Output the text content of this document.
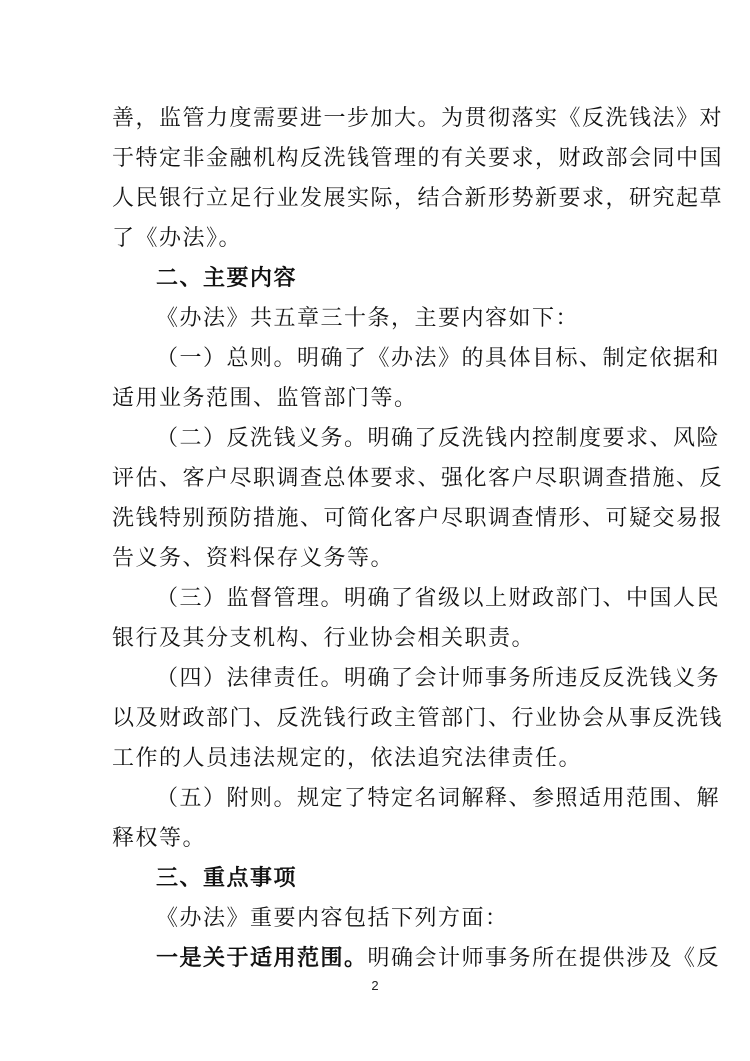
善，监管力度需要进一步加大。为贯彻落实《反洗钱法》对
于特定非金融机构反洗钱管理的有关要求，财政部会同中国
人民银行立足行业发展实际，结合新形势新要求，研究起草
了《办法》。
二、主要内容
《办法》共五章三十条，主要内容如下：
（一）总则。明确了《办法》的具体目标、制定依据和
适用业务范围、监管部门等。
（二）反洗钱义务。明确了反洗钱内控制度要求、风险
评估、客户尽职调查总体要求、强化客户尽职调查措施、反
洗钱特别预防措施、可简化客户尽职调查情形、可疑交易报
告义务、资料保存义务等。
（三）监督管理。明确了省级以上财政部门、中国人民
银行及其分支机构、行业协会相关职责。
（四）法律责任。明确了会计师事务所违反反洗钱义务
以及财政部门、反洗钱行政主管部门、行业协会从事反洗钱
工作的人员违法规定的，依法追究法律责任。
（五）附则。规定了特定名词解释、参照适用范围、解
释权等。
三、重点事项
《办法》重要内容包括下列方面：
一是关于适用范围。明确会计师事务所在提供涉及《反
2
